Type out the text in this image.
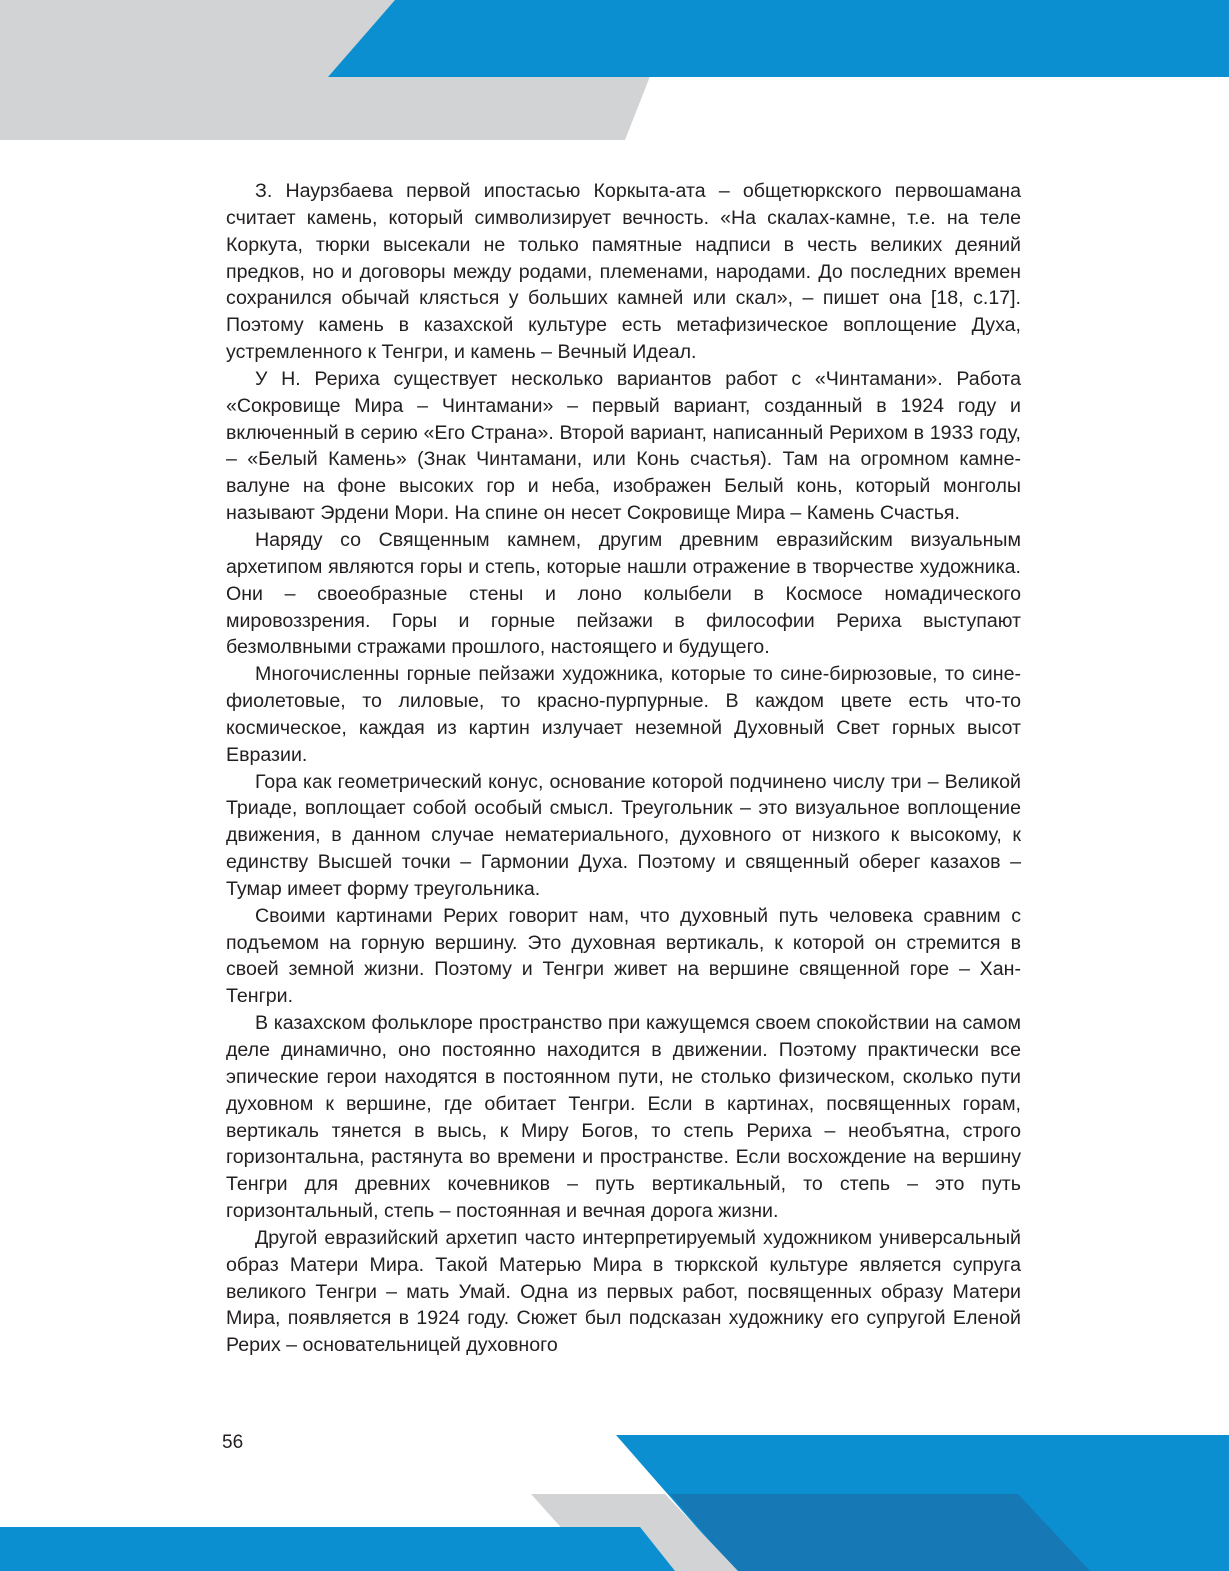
З. Наурзбаева первой ипостасью Коркыта-ата – общетюркского первошамана считает камень, который символизирует вечность. «На скалах-камне, т.е. на теле Коркута, тюрки высекали не только памятные надписи в честь великих деяний предков, но и договоры между родами, племенами, народами. До последних времен сохранился обычай клясться у больших камней или скал», – пишет она [18, с.17]. Поэтому камень в казахской культуре есть метафизическое воплощение Духа, устремленного к Тенгри, и камень – Вечный Идеал.

У Н. Рериха существует несколько вариантов работ с «Чинтамани». Работа «Сокровище Мира – Чинтамани» – первый вариант, созданный в 1924 году и включенный в серию «Его Страна». Второй вариант, написанный Рерихом в 1933 году, – «Белый Камень» (Знак Чинтамани, или Конь счастья). Там на огромном камне-валуне на фоне высоких гор и неба, изображен Белый конь, который монголы называют Эрдени Мори. На спине он несет Сокровище Мира – Камень Счастья.

Наряду со Священным камнем, другим древним евразийским визуальным архетипом являются горы и степь, которые нашли отражение в творчестве художника. Они – своеобразные стены и лоно колыбели в Космосе номадического мировоззрения. Горы и горные пейзажи в философии Рериха выступают безмолвными стражами прошлого, настоящего и будущего.

Многочисленны горные пейзажи художника, которые то сине-бирюзовые, то сине-фиолетовые, то лиловые, то красно-пурпурные. В каждом цвете есть что-то космическое, каждая из картин излучает неземной Духовный Свет горных высот Евразии.

Гора как геометрический конус, основание которой подчинено числу три – Великой Триаде, воплощает собой особый смысл. Треугольник – это визуальное воплощение движения, в данном случае нематериального, духовного от низкого к высокому, к единству Высшей точки – Гармонии Духа. Поэтому и священный оберег казахов – Тумар имеет форму треугольника.

Своими картинами Рерих говорит нам, что духовный путь человека сравним с подъемом на горную вершину. Это духовная вертикаль, к которой он стремится в своей земной жизни. Поэтому и Тенгри живет на вершине священной горе – Хан-Тенгри.

В казахском фольклоре пространство при кажущемся своем спокойствии на самом деле динамично, оно постоянно находится в движении. Поэтому практически все эпические герои находятся в постоянном пути, не столько физическом, сколько пути духовном к вершине, где обитает Тенгри. Если в картинах, посвященных горам, вертикаль тянется в высь, к Миру Богов, то степь Рериха – необъятна, строго горизонтальна, растянута во времени и пространстве. Если восхождение на вершину Тенгри для древних кочевников – путь вертикальный, то степь – это путь горизонтальный, степь – постоянная и вечная дорога жизни.

Другой евразийский архетип часто интерпретируемый художником универсальный образ Матери Мира. Такой Матерью Мира в тюркской культуре является супруга великого Тенгри – мать Умай. Одна из первых работ, посвященных образу Матери Мира, появляется в 1924 году. Сюжет был подсказан художнику его супругой Еленой Рерих – основательницей духовного

56
